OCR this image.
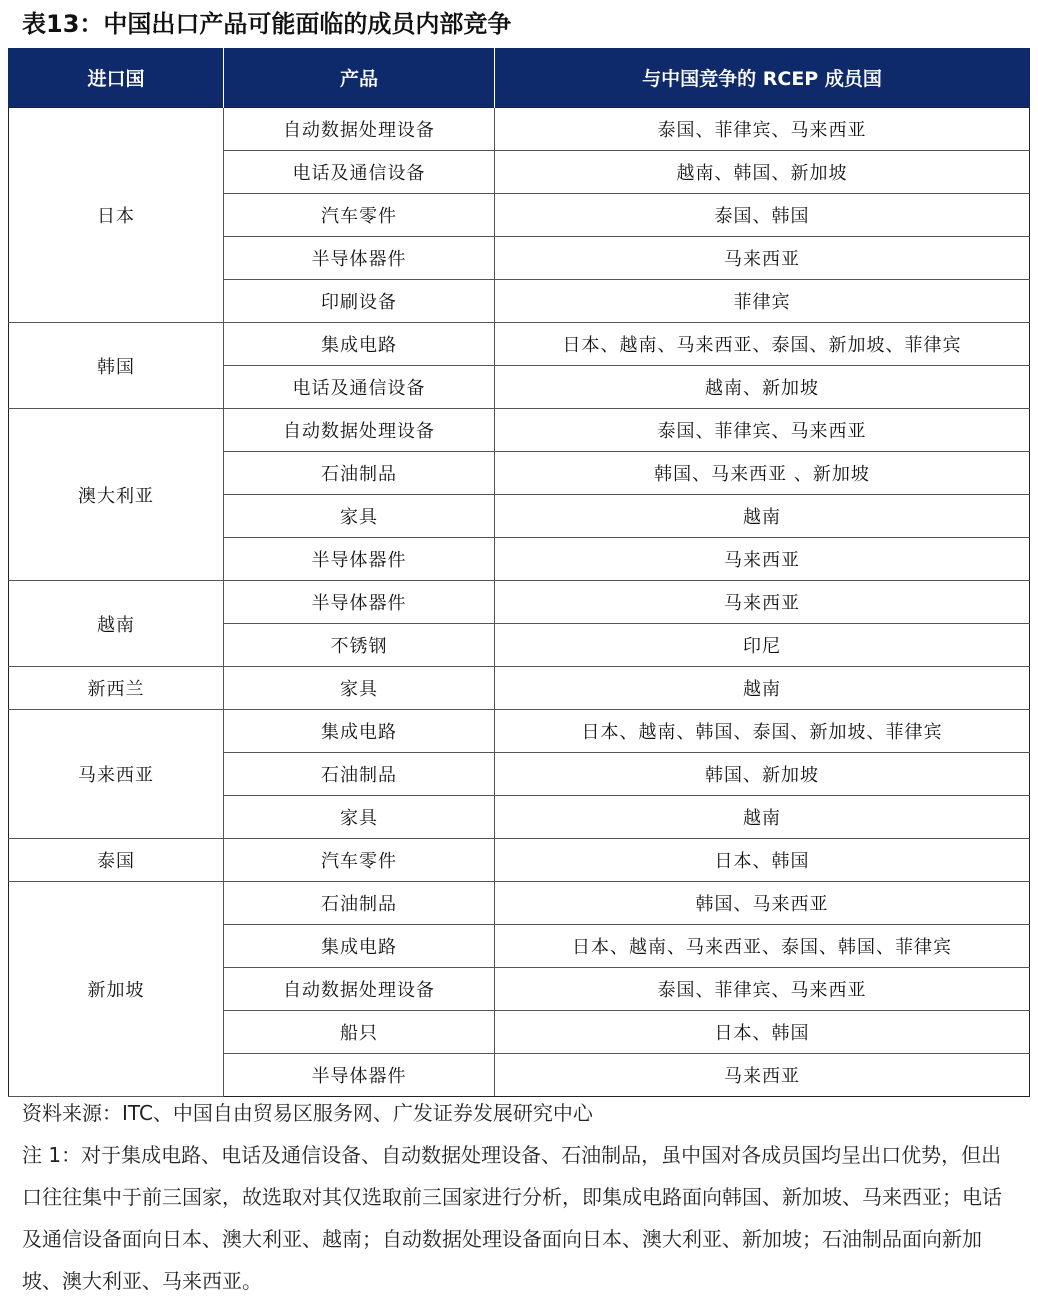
表13：中国出口产品可能面临的成员内部竞争
进口国	产品	与中国竞争的 RCEP 成员国
日本	自动数据处理设备	泰国、菲律宾、马来西亚
	电话及通信设备	越南、韩国、新加坡
	汽车零件	泰国、韩国
	半导体器件	马来西亚
	印刷设备	菲律宾
韩国	集成电路	日本、越南、马来西亚、泰国、新加坡、菲律宾
	电话及通信设备	越南、新加坡
澳大利亚	自动数据处理设备	泰国、菲律宾、马来西亚
	石油制品	韩国、马来西亚 、新加坡
	家具	越南
	半导体器件	马来西亚
越南	半导体器件	马来西亚
	不锈钢	印尼
新西兰	家具	越南
马来西亚	集成电路	日本、越南、韩国、泰国、新加坡、菲律宾
	石油制品	韩国、新加坡
	家具	越南
泰国	汽车零件	日本、韩国
新加坡	石油制品	韩国、马来西亚
	集成电路	日本、越南、马来西亚、泰国、韩国、菲律宾
	自动数据处理设备	泰国、菲律宾、马来西亚
	船只	日本、韩国
	半导体器件	马来西亚

资料来源：ITC、中国自由贸易区服务网、广发证券发展研究中心

注 1：对于集成电路、电话及通信设备、自动数据处理设备、石油制品，虽中国对各成员国均呈出口优势，但出口往往集中于前三国家，故选取对其仅选取前三国家进行分析，即集成电路面向韩国、新加坡、马来西亚；电话及通信设备面向日本、澳大利亚、越南；自动数据处理设备面向日本、澳大利亚、新加坡；石油制品面向新加坡、澳大利亚、马来西亚。
